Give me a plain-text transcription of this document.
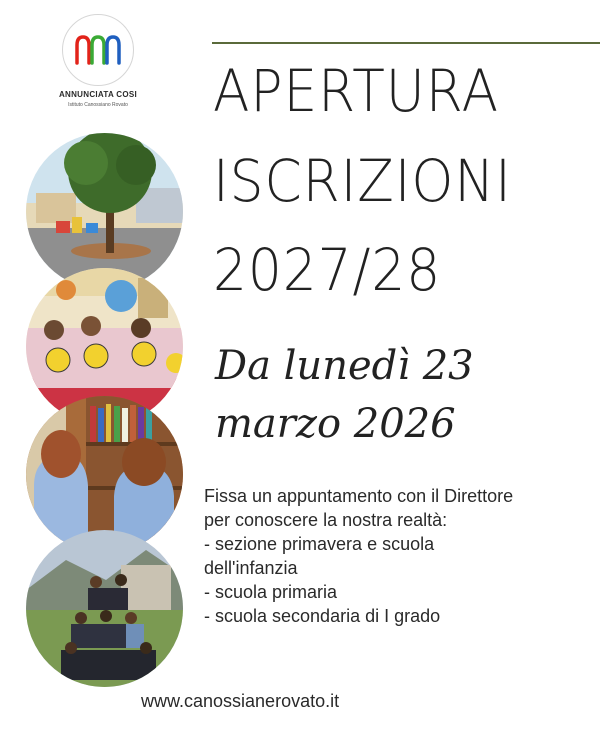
ANNUNCIATA COSI
Istituto Canossiano Rovato	APERTURA
ISCRIZIONI
2027/28
Da lunedì 23
marzo 2026
Fissa un appuntamento con il Direttore
per conoscere la nostra realtà:
- sezione primavera e scuola
dell'infanzia
- scuola primaria
- scuola secondaria di I grado
www.canossianerovato.it
